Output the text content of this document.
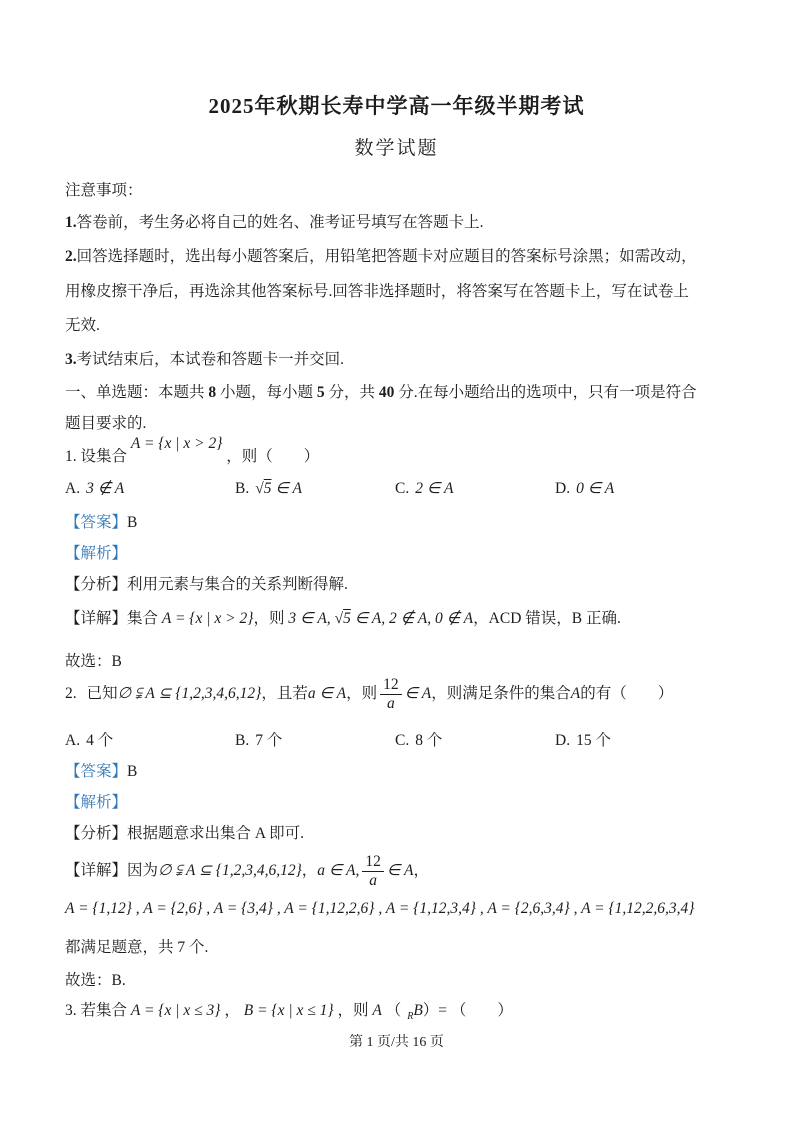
2025年秋期长寿中学高一年级半期考试
数学试题
注意事项：
1.答卷前，考生务必将自己的姓名、准考证号填写在答题卡上.
2.回答选择题时，选出每小题答案后，用铅笔把答题卡对应题目的答案标号涂黑；如需改动，
用橡皮擦干净后，再选涂其他答案标号.回答非选择题时，将答案写在答题卡上，写在试卷上
无效.
3.考试结束后，本试卷和答题卡一并交回.
一、单选题：本题共 8 小题，每小题 5 分，共 40 分.在每小题给出的选项中，只有一项是符合
题目要求的.
1. 设集合 A = {x | x > 2} ，则（　　）
A. 3 ∉ A	B. √5 ∈ A	C. 2 ∈ A	D. 0 ∈ A
【答案】B
【解析】
【分析】利用元素与集合的关系判断得解.
【详解】集合 A = {x | x > 2}，则 3 ∈ A, √5 ∈ A, 2 ∉ A, 0 ∉ A，ACD 错误，B 正确.
故选：B
2. 已知 ∅ ⫋ A ⊆ {1,2,3,4,6,12} ，且若 a ∈ A ，则 $\frac{12}{a}$ ∈ A ，则满足条件的集合 A 的有（　　）
A. 4 个	B. 7 个	C. 8 个	D. 15 个
【答案】B
【解析】
【分析】根据题意求出集合 A 即可.
【详解】 因为 ∅ ⫋ A ⊆ {1,2,3,4,6,12} ， a ∈ A, $\frac{12}{a}$ ∈ A ，
A = {1,12} , A = {2,6} , A = {3,4} , A = {1,12,2,6} , A = {1,12,3,4} , A = {2,6,3,4} , A = {1,12,2,6,3,4}
都满足题意，共 7 个.
故选：B.
3. 若集合 A = {x | x ≤ 3} ， B = {x | x ≤ 1} ，则 A （ $_R$B）= （　　）
第 1 页/共 16 页
